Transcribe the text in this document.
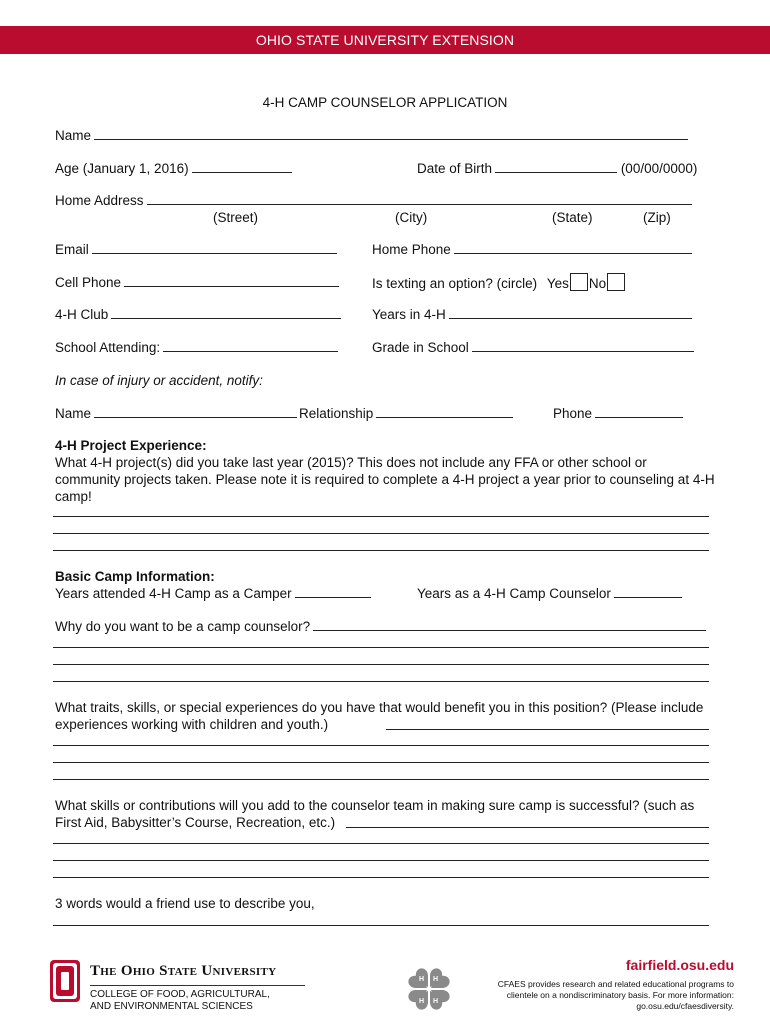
OHIO STATE UNIVERSITY EXTENSION
4-H CAMP COUNSELOR APPLICATION
Name
Age (January 1, 2016)	Date of Birth	(00/00/0000)
Home Address
(Street)	(City)	(State)	(Zip)
Email	Home Phone
Cell Phone	Is texting an option? (circle) Yes No
4-H Club	Years in 4-H
School Attending:	Grade in School
In case of injury or accident, notify:
Name	Relationship	Phone
4-H Project Experience:
What 4-H project(s) did you take last year (2015)? This does not include any FFA or other school or community projects taken. Please note it is required to complete a 4-H project a year prior to counseling at 4-H camp!
Basic Camp Information:
Years attended 4-H Camp as a Camper	Years as a 4-H Camp Counselor
Why do you want to be a camp counselor?
What traits, skills, or special experiences do you have that would benefit you in this position? (Please include experiences working with children and youth.)
What skills or contributions will you add to the counselor team in making sure camp is successful? (such as First Aid, Babysitter’s Course, Recreation, etc.)
3 words would a friend use to describe you,
The Ohio State University
COLLEGE OF FOOD, AGRICULTURAL,
AND ENVIRONMENTAL SCIENCES
H H
H H
fairfield.osu.edu
CFAES provides research and related educational programs to clientele on a nondiscriminatory basis. For more information: go.osu.edu/cfaesdiversity.
